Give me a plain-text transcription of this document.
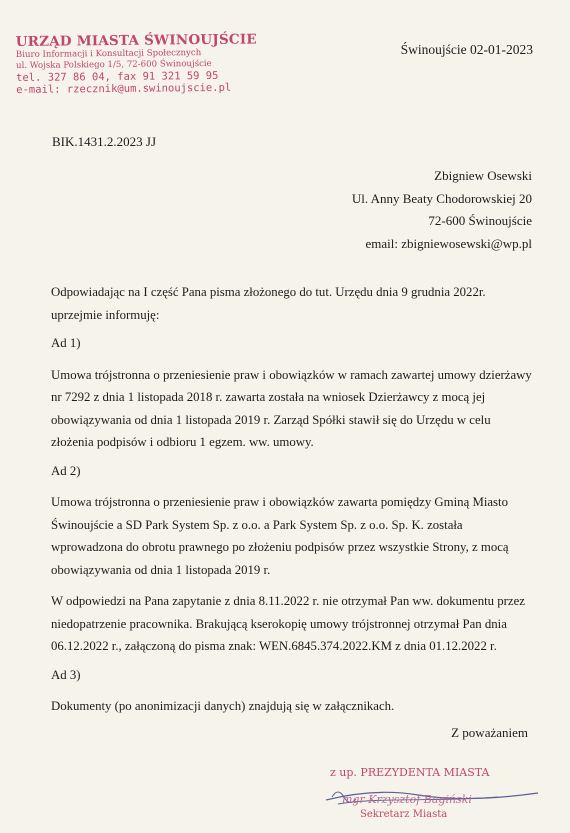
URZĄD MIASTA ŚWINOUJŚCIE
Biuro Informacji i Konsultacji Społecznych
ul. Wojska Polskiego 1/5, 72-600 Świnoujście
tel. 327 86 04, fax 91 321 59 95
e-mail: rzecznik@um.swinoujscie.pl
Świnoujście 02-01-2023
BIK.1431.2.2023 JJ
Zbigniew Osewski
Ul. Anny Beaty Chodorowskiej 20
72-600 Świnoujście
email: zbigniewosewski@wp.pl

Odpowiadając na I część Pana pisma złożonego do tut. Urzędu dnia 9 grudnia 2022r.

uprzejmie informuję:

Ad 1)

Umowa trójstronna o przeniesienie praw i obowiązków w ramach zawartej umowy dzierżawy

nr 7292 z dnia 1 listopada 2018 r. zawarta została na wniosek Dzierżawcy z mocą jej

obowiązywania od dnia 1 listopada 2019 r. Zarząd Spółki stawił się do Urzędu w celu

złożenia podpisów i odbioru 1 egzem. ww. umowy.

Ad 2)

Umowa trójstronna o przeniesienie praw i obowiązków zawarta pomiędzy Gminą Miasto

Świnoujście a SD Park System Sp. z o.o. a Park System Sp. z o.o. Sp. K. została

wprowadzona do obrotu prawnego po złożeniu podpisów przez wszystkie Strony, z mocą

obowiązywania od dnia 1 listopada 2019 r.

W odpowiedzi na Pana zapytanie z dnia 8.11.2022 r. nie otrzymał Pan ww. dokumentu przez

niedopatrzenie pracownika. Brakującą kserokopię umowy trójstronnej otrzymał Pan dnia

06.12.2022 r., załączoną do pisma znak: WEN.6845.374.2022.KM z dnia 01.12.2022 r.

Ad 3)

Dokumenty (po anonimizacji danych) znajdują się w załącznikach.

Z poważaniem
z up. PREZYDENTA MIASTA
mgr Krzysztof Bagiński
Sekretarz Miasta
